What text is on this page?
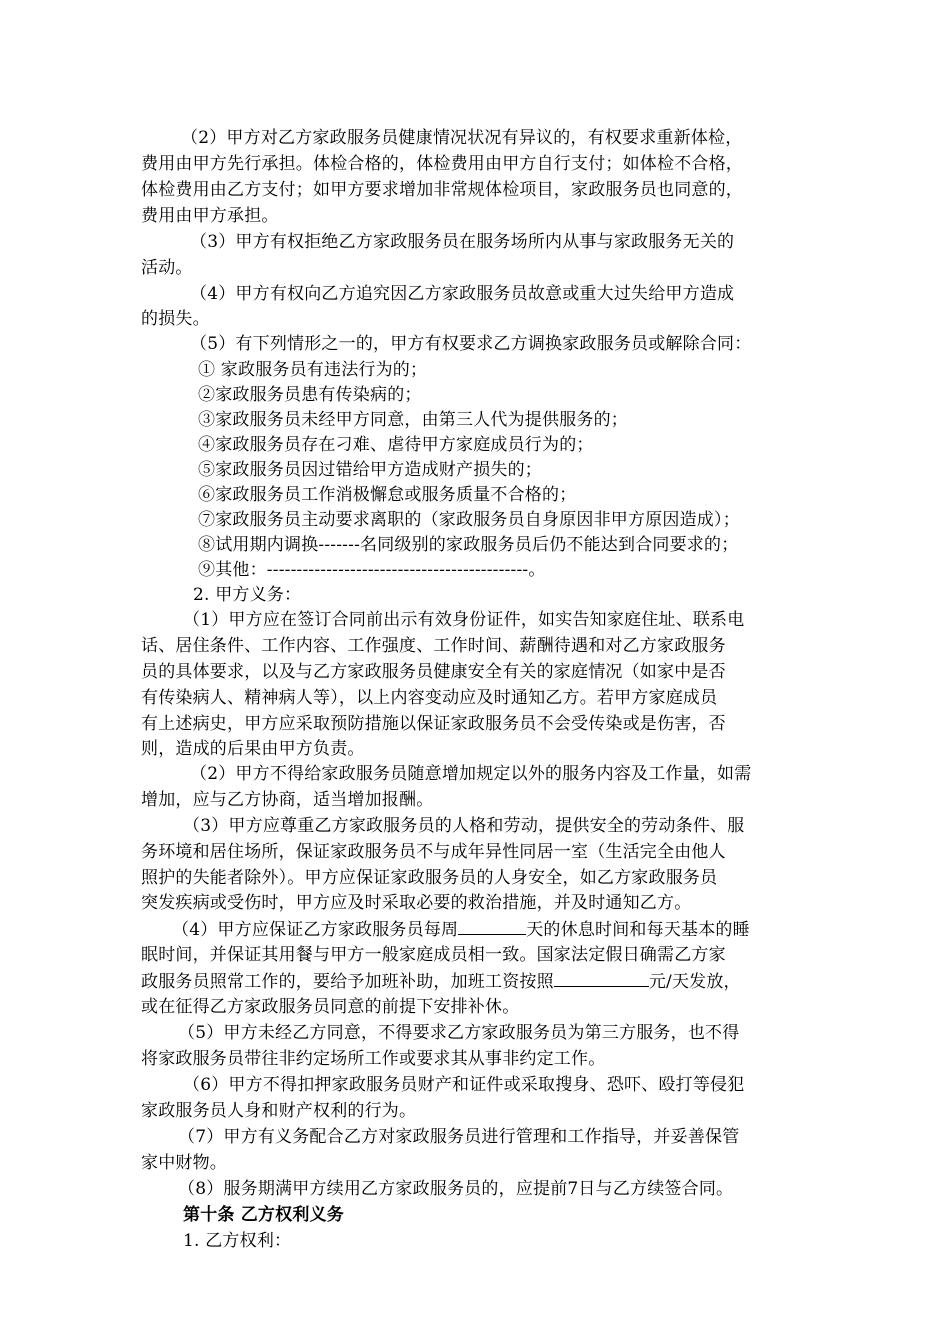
（2）甲方对乙方家政服务员健康情况状况有异议的，有权要求重新体检，
费用由甲方先行承担。体检合格的，体检费用由甲方自行支付；如体检不合格，
体检费用由乙方支付；如甲方要求增加非常规体检项目，家政服务员也同意的，
费用由甲方承担。
（3）甲方有权拒绝乙方家政服务员在服务场所内从事与家政服务无关的
活动。
（4）甲方有权向乙方追究因乙方家政服务员故意或重大过失给甲方造成
的损失。
（5）有下列情形之一的，甲方有权要求乙方调换家政服务员或解除合同：
① 家政服务员有违法行为的；
②家政服务员患有传染病的；
③家政服务员未经甲方同意，由第三人代为提供服务的；
④家政服务员存在刁难、虐待甲方家庭成员行为的；
⑤家政服务员因过错给甲方造成财产损失的；
⑥家政服务员工作消极懈怠或服务质量不合格的；
⑦家政服务员主动要求离职的（家政服务员自身原因非甲方原因造成）；
⑧试用期内调换-------名同级别的家政服务员后仍不能达到合同要求的；
⑨其他：--------------------------------------------。
2. 甲方义务：
（1）甲方应在签订合同前出示有效身份证件，如实告知家庭住址、联系电
话、居住条件、工作内容、工作强度、工作时间、薪酬待遇和对乙方家政服务
员的具体要求，以及与乙方家政服务员健康安全有关的家庭情况（如家中是否
有传染病人、精神病人等），以上内容变动应及时通知乙方。若甲方家庭成员
有上述病史，甲方应采取预防措施以保证家政服务员不会受传染或是伤害，否
则，造成的后果由甲方负责。
（2）甲方不得给家政服务员随意增加规定以外的服务内容及工作量，如需
增加，应与乙方协商，适当增加报酬。
（3）甲方应尊重乙方家政服务员的人格和劳动，提供安全的劳动条件、服
务环境和居住场所，保证家政服务员不与成年异性同居一室（生活完全由他人
照护的失能者除外）。甲方应保证家政服务员的人身安全，如乙方家政服务员
突发疾病或受伤时，甲方应及时采取必要的救治措施，并及时通知乙方。
（4）甲方应保证乙方家政服务员每周	天的休息时间和每天基本的睡
眠时间，并保证其用餐与甲方一般家庭成员相一致。国家法定假日确需乙方家
政服务员照常工作的，要给予加班补助，加班工资按照	元/天发放，
或在征得乙方家政服务员同意的前提下安排补休。
（5）甲方未经乙方同意，不得要求乙方家政服务员为第三方服务，也不得
将家政服务员带往非约定场所工作或要求其从事非约定工作。
（6）甲方不得扣押家政服务员财产和证件或采取搜身、恐吓、殴打等侵犯
家政服务员人身和财产权利的行为。
（7）甲方有义务配合乙方对家政服务员进行管理和工作指导，并妥善保管
家中财物。
（8）服务期满甲方续用乙方家政服务员的，应提前7日与乙方续签合同。
第十条 乙方权利义务
1. 乙方权利：
